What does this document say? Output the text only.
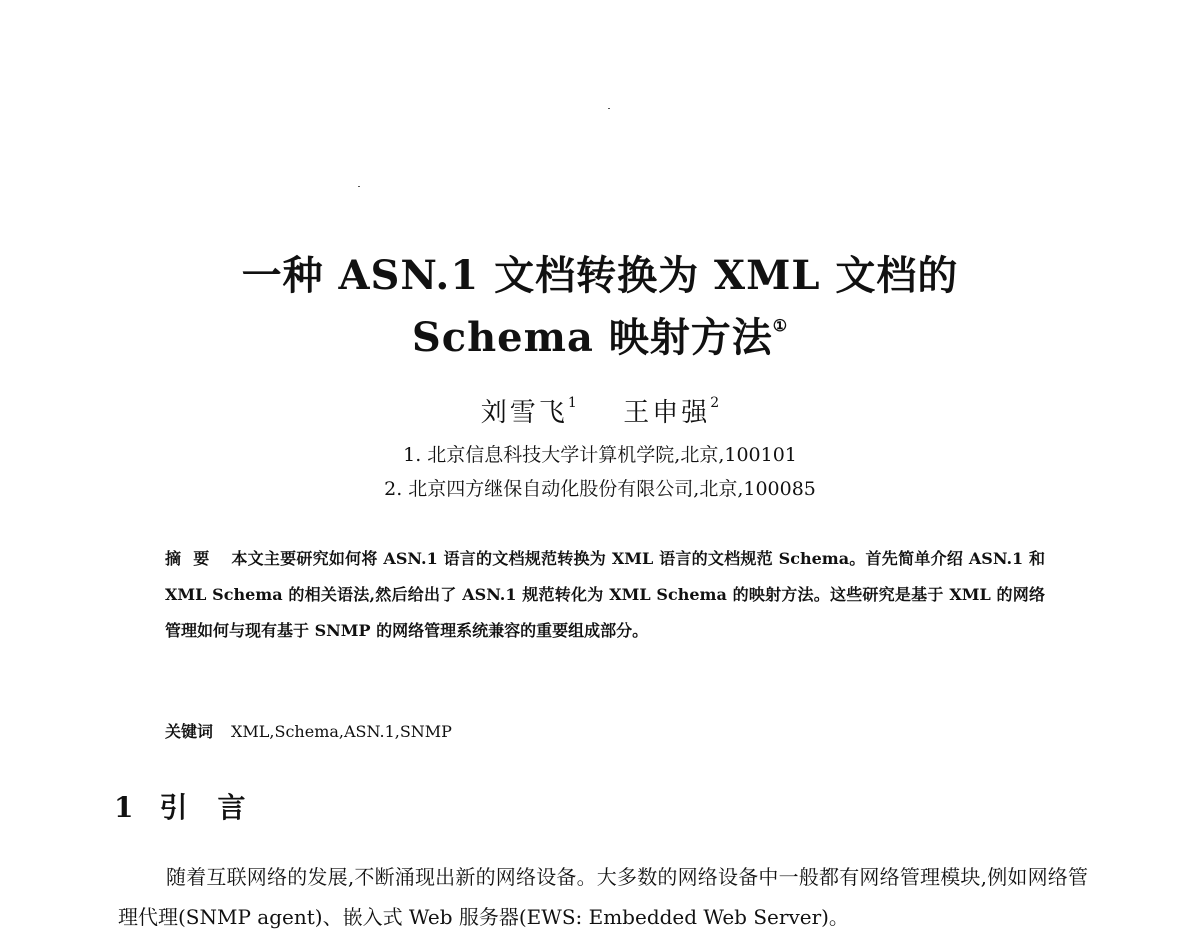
一种 ASN.1 文档转换为 XML 文档的
Schema 映射方法①
刘雪飞$^1$ 王申强$^2$
1. 北京信息科技大学计算机学院,北京,100101
2. 北京四方继保自动化股份有限公司,北京,100085
摘要 本文主要研究如何将 ASN.1 语言的文档规范转换为 XML 语言的文档规范 Schema。首先简单介绍 ASN.1 和 XML Schema 的相关语法,然后给出了 ASN.1 规范转化为 XML Schema 的映射方法。这些研究是基于 XML 的网络管理如何与现有基于 SNMP 的网络管理系统兼容的重要组成部分。
关键词 XML,Schema,ASN.1,SNMP
1 引言
随着互联网络的发展,不断涌现出新的网络设备。大多数的网络设备中一般都有网络管理模块,例如网络管理代理(SNMP agent)、嵌入式 Web 服务器(EWS: Embedded Web Server)。
